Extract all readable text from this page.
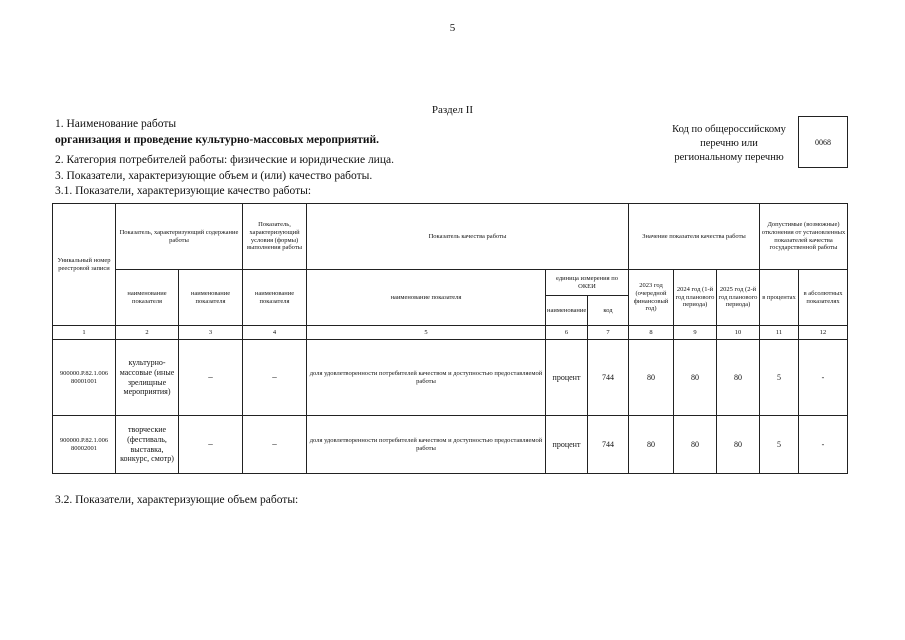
5
Раздел II
1. Наименование работы
организация и проведение культурно-массовых мероприятий.
2. Категория потребителей работы: физические и юридические лица.
3. Показатели, характеризующие объем и (или) качество работы.
3.1. Показатели, характеризующие качество работы:
Код по общероссийскому
перечню или
региональному перечню
0068
Уникальный номер реестровой записи	Показатель, характеризующий содержание работы		Показатель, характеризующий условия (формы) выполнения работы	Показатель качества работы			Значение показателя качества работы			Допустимые (возможные) отклонения от установленных показателей качества государственной работы	
	наименование показателя	наименование показателя	наименование показателя	наименование показателя	единица измерения по ОКЕИ		2023 год (очередной финансовый год)	2024 год (1-й год планового периода)	2025 год (2-й год планового периода)	в процентах	в абсолютных показателях
					наименование	код					
1	2	3	4	5	6	7	8	9	10	11	12
900000.Р.82.1.006 80001001	культурно-массовые (иные зрелищные мероприятия)	–	–	доля удовлетворенности потребителей качеством и доступностью предоставляемой работы	процент	744	80	80	80	5	-
900000.Р.82.1.006 80002001	творческие (фестиваль, выставка, конкурс, смотр)	–	–	доля удовлетворенности потребителей качеством и доступностью предоставляемой работы	процент	744	80	80	80	5	-
3.2. Показатели, характеризующие объем работы:
